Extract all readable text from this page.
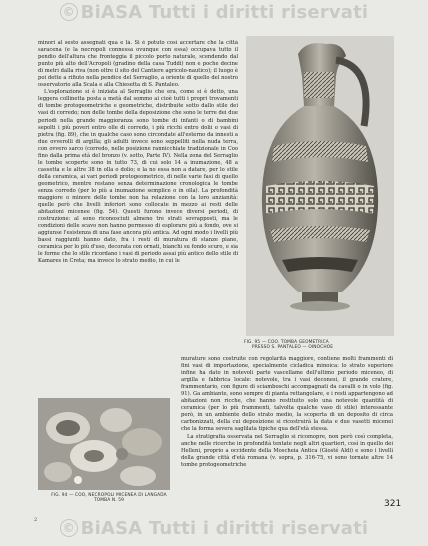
© BiASA Tutti i diritti riservati

minori al sesto assegnati qua e là. Si è potuto così accertare che la città saracena (e la necropoli connessa ovunque con essa) occupava tutto il pendio dell'altura che fronteggia il piccolo porto naturale, scendendo dal punto più alto dell'Acropoli (gradino della casa Tuddi) non e poche decine di metri dalla riva (non oltre il sito del Cantiere agricolo-nautico); il luogo è poi dette a rifiuto nella pendice del Serraglio, a oriente di quello del nostro osservatorio alla Scala e alla Chiesetta di S. Pantaleo.

L'esplorazione si è iniziata al Serraglio che era, come si è detto, una leggera collinetta posta a metà dal sommo ai cioè tutti i propri trovamenti di tombe protogeometriche e geometriche, distribuite sotto dallo stile dei vasi di corredo; non delle tombe della deposizione che sono le terre dei due periodi nella grande maggioranza sono tombe di infanti o di bambini sepolti i più poveri entro olle di corredo, i più ricchi entro dolii o vasi di pietra (fig. 89), che in qualche caso sono circondate all'esterno da innesti a due ovverolli di argilla; gli adulti invece sono seppelliti nella nuda terra, con ovvero sarco (corredo, nelle posizione rannicchiate tradizionale in Coo fino dalla prima età del bronzo (v. sotto, Parte IV). Nella zona del Serraglio le tombe scoperte sono in tutto 73, di cui solo 14 a inumazione, 48 a cassetta e le altre 38 in olla o dolio; e la no essa non a datare, per lo stile della ceramica, ai vari periodi protogeometrico, di nelle varie fasi di quello geometrico, mentre restano senza determinazione cronologica le tombe senza corredo (per lo più a inumazione semplice o in olla). La profondità maggiore o minore delle tombe non ha relazione con la loro anzianità: quelle però che livelli inferiori sono collocate in mezzo ai resti delle abitazioni micenee (fig. 54). Questi furono invece diversi periodi, di costruzione: al sono riconosciuti almeno tre strati sovrapposti, ma le condizioni delle scavo non hanno permesso di esplorare più a fondo, ove si aggiunse l'esistenza di una fase ancora più antica. Ad ogni modo i livelli più bassi raggiunti hanno dato, fra i resti di muratura di stanze piane, ceramica per lo più d'uso, decorata con ornati, bianchi su fondo scuro, e sia le forme che lo stile ricordano i vasi di periodo assai più antico dello stile di Kamares in Creta; ma invece lo strato medio, in cui le

FIG. 95 — COO. TOMBA GEOMETRICA
PRESSO S. PANTALEO — OINOCHOE
FIG. 94 — COO, NECROPOLI MICENEA DI LANGADA
TOMBA N. 59

murature sono costruite con regolarità maggiore, contiene molti frammenti di fini vasi di importazione, specialmente cicladica minoica: lo strato superiore infine ha dato in notevoli parte vascellame dell'ultimo periodo miceneo, di argilla e fabbrica locale: notevole, tra i vasi deconesi, il grande cratere, frammentario, con figure di sciamboschi accompagnati da cavalli o in volo (fig. 91). Ga ambiante, sono sempre di pianta rettangolare, e i resti appartengono ad abitazioni non ricche, che hanno restituito solo una notevole quantità di ceramica (per lo più frammenti, talvolta qualche vaso di stile) interessante però, in un ambiente dello strato medio, la scoperta di un deposito di circa carbonizzati, della cui deposizione si ricostruirà la data e due vasetti micenei che la forma severa saglilata tipiche qua dell'età stessa.

La stratigrafia osservata nel Serraglio si ricomopre, non però così completa, anche nelle ricerche in profondità tentate negli altri quartieri, così in quello dei Helleni, proprio a occidente della Moscheia Antica (Giosté Aldi) e sono i livelli della grande città d'età romana (v. sopra, p. 316-75, vi sono tornate altre 14 tombe protogeometriche

321
2
© BiASA Tutti i diritti riservati
